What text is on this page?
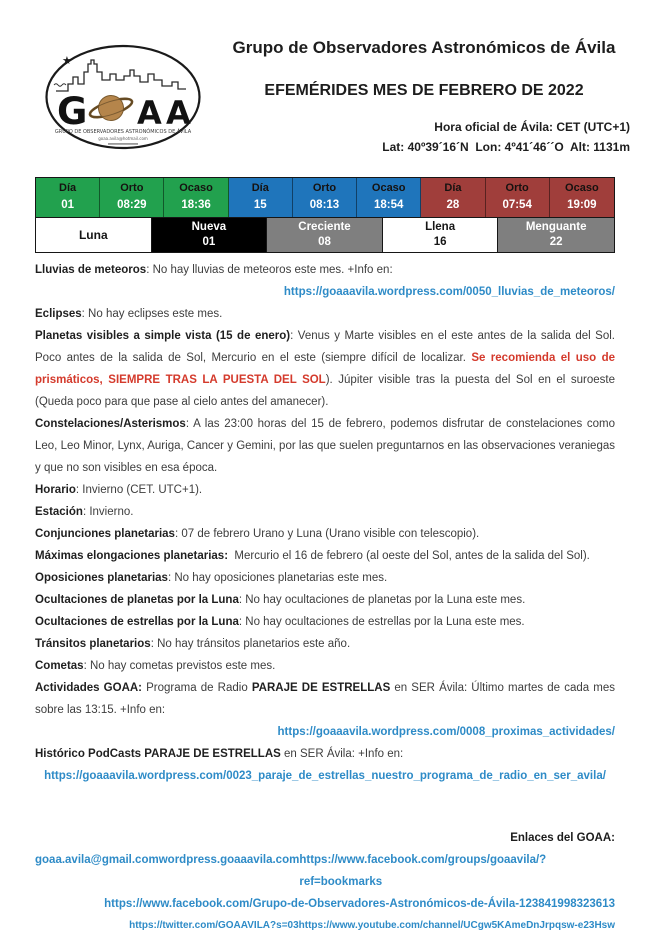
★
G A A
GRUPO DE OBSERVADORES ASTRONÓMICOS DE ÁVILA
goaa.avila@hotmail.com
Grupo de Observadores Astronómicos de Ávila
EFEMÉRIDES MES DE FEBRERO DE 2022
Hora oficial de Ávila: CET (UTC+1)
Lat: 40º39´16´N  Lon: 4º41´46´´O  Alt: 1131m
Día
01
Orto
08:29
Ocaso
18:36
Día
15
Orto
08:13
Ocaso
18:54
Día
28
Orto
07:54
Ocaso
19:09
Luna
Nueva
01
Creciente
08
Llena
16
Menguante
22

Lluvias de meteoros: No hay lluvias de meteoros este mes. +Info en:

https://goaaavila.wordpress.com/0050_lluvias_de_meteoros/

Eclipses: No hay eclipses este mes.

Planetas visibles a simple vista (15 de enero): Venus y Marte visibles en el este antes de la salida del Sol. Poco antes de la salida de Sol, Mercurio en el este (siempre difícil de localizar. Se recomienda el uso de prismáticos, SIEMPRE TRAS LA PUESTA DEL SOL). Júpiter visible tras la puesta del Sol en el suroeste (Queda poco para que pase al cielo antes del amanecer).

Constelaciones/Asterismos: A las 23:00 horas del 15 de febrero, podemos disfrutar de constelaciones como Leo, Leo Minor, Lynx, Auriga, Cancer y Gemini, por las que suelen preguntarnos en las observaciones veraniegas y que no son visibles en esa época.

Horario: Invierno (CET. UTC+1).

Estación: Invierno.

Conjunciones planetarias: 07 de febrero Urano y Luna (Urano visible con telescopio).

Máximas elongaciones planetarias:  Mercurio el 16 de febrero (al oeste del Sol, antes de la salida del Sol).

Oposiciones planetarias: No hay oposiciones planetarias este mes.

Ocultaciones de planetas por la Luna: No hay ocultaciones de planetas por la Luna este mes.

Ocultaciones de estrellas por la Luna: No hay ocultaciones de estrellas por la Luna este mes.

Tránsitos planetarios: No hay tránsitos planetarios este año.

Cometas: No hay cometas previstos este mes.

Actividades GOAA: Programa de Radio PARAJE DE ESTRELLAS en SER Ávila: Último martes de cada mes sobre las 13:15. +Info en:

https://goaaavila.wordpress.com/0008_proximas_actividades/

Histórico PodCasts PARAJE DE ESTRELLAS en SER Ávila: +Info en:

https://goaaavila.wordpress.com/0023_paraje_de_estrellas_nuestro_programa_de_radio_en_ser_avila/
Enlaces del GOAA:
goaa.avila@gmail.com wordpress.goaaavila.com https://www.facebook.com/groups/goaavila/?ref=bookmarks
https://www.facebook.com/Grupo-de-Observadores-Astronómicos-de-Ávila-123841998323613
https://twitter.com/GOAAVILA?s=03https://www.youtube.com/channel/UCgw5KAmeDnJrpqsw-e23Hsw
